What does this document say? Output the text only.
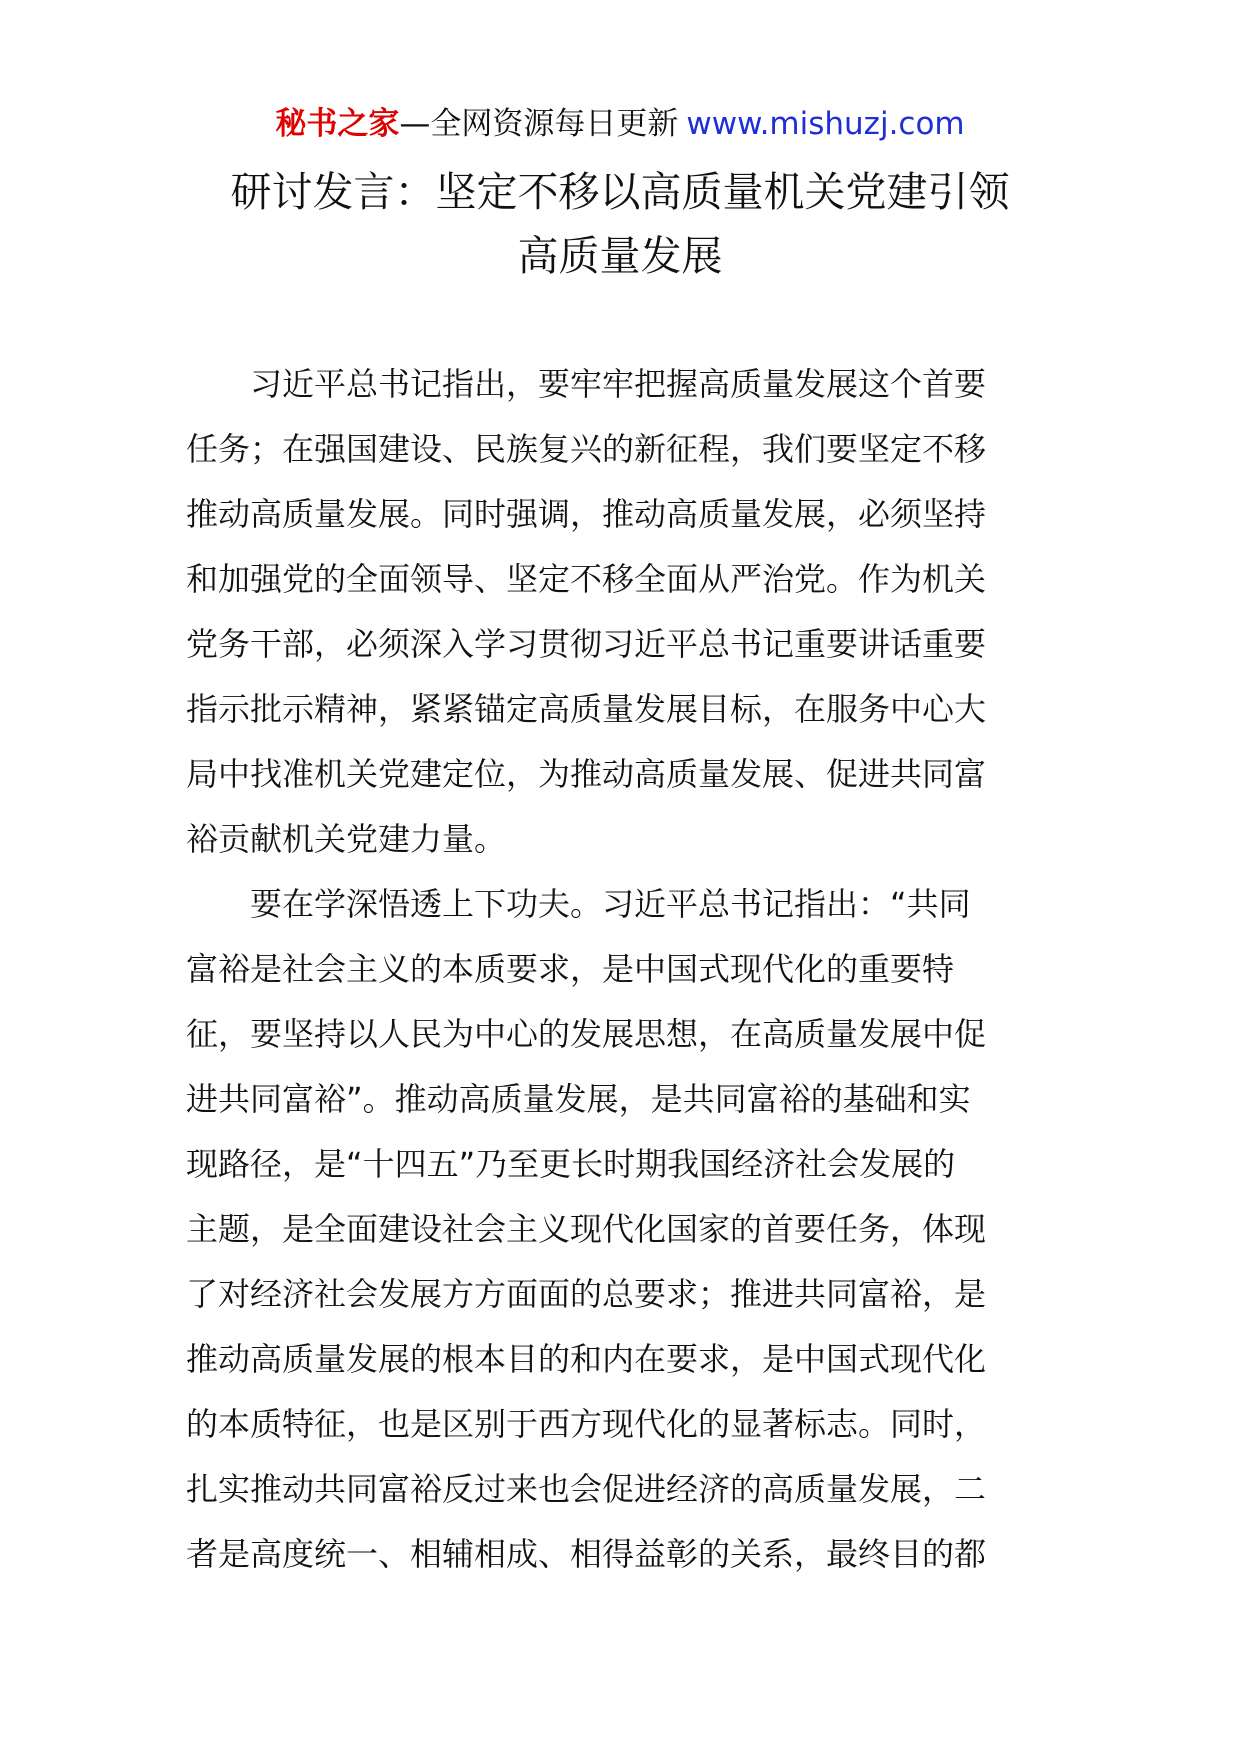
秘书之家—全网资源每日更新 www.mishuzj.com
研讨发言：坚定不移以高质量机关党建引领
高质量发展
　　习近平总书记指出，要牢牢把握高质量发展这个首要
任务；在强国建设、民族复兴的新征程，我们要坚定不移
推动高质量发展。同时强调，推动高质量发展，必须坚持
和加强党的全面领导、坚定不移全面从严治党。作为机关
党务干部，必须深入学习贯彻习近平总书记重要讲话重要
指示批示精神，紧紧锚定高质量发展目标，在服务中心大
局中找准机关党建定位，为推动高质量发展、促进共同富
裕贡献机关党建力量。
　　要在学深悟透上下功夫。习近平总书记指出：“共同
富裕是社会主义的本质要求，是中国式现代化的重要特
征，要坚持以人民为中心的发展思想，在高质量发展中促
进共同富裕”。推动高质量发展，是共同富裕的基础和实
现路径，是“十四五”乃至更长时期我国经济社会发展的
主题，是全面建设社会主义现代化国家的首要任务，体现
了对经济社会发展方方面面的总要求；推进共同富裕，是
推动高质量发展的根本目的和内在要求，是中国式现代化
的本质特征，也是区别于西方现代化的显著标志。同时，
扎实推动共同富裕反过来也会促进经济的高质量发展，二
者是高度统一、相辅相成、相得益彰的关系，最终目的都
